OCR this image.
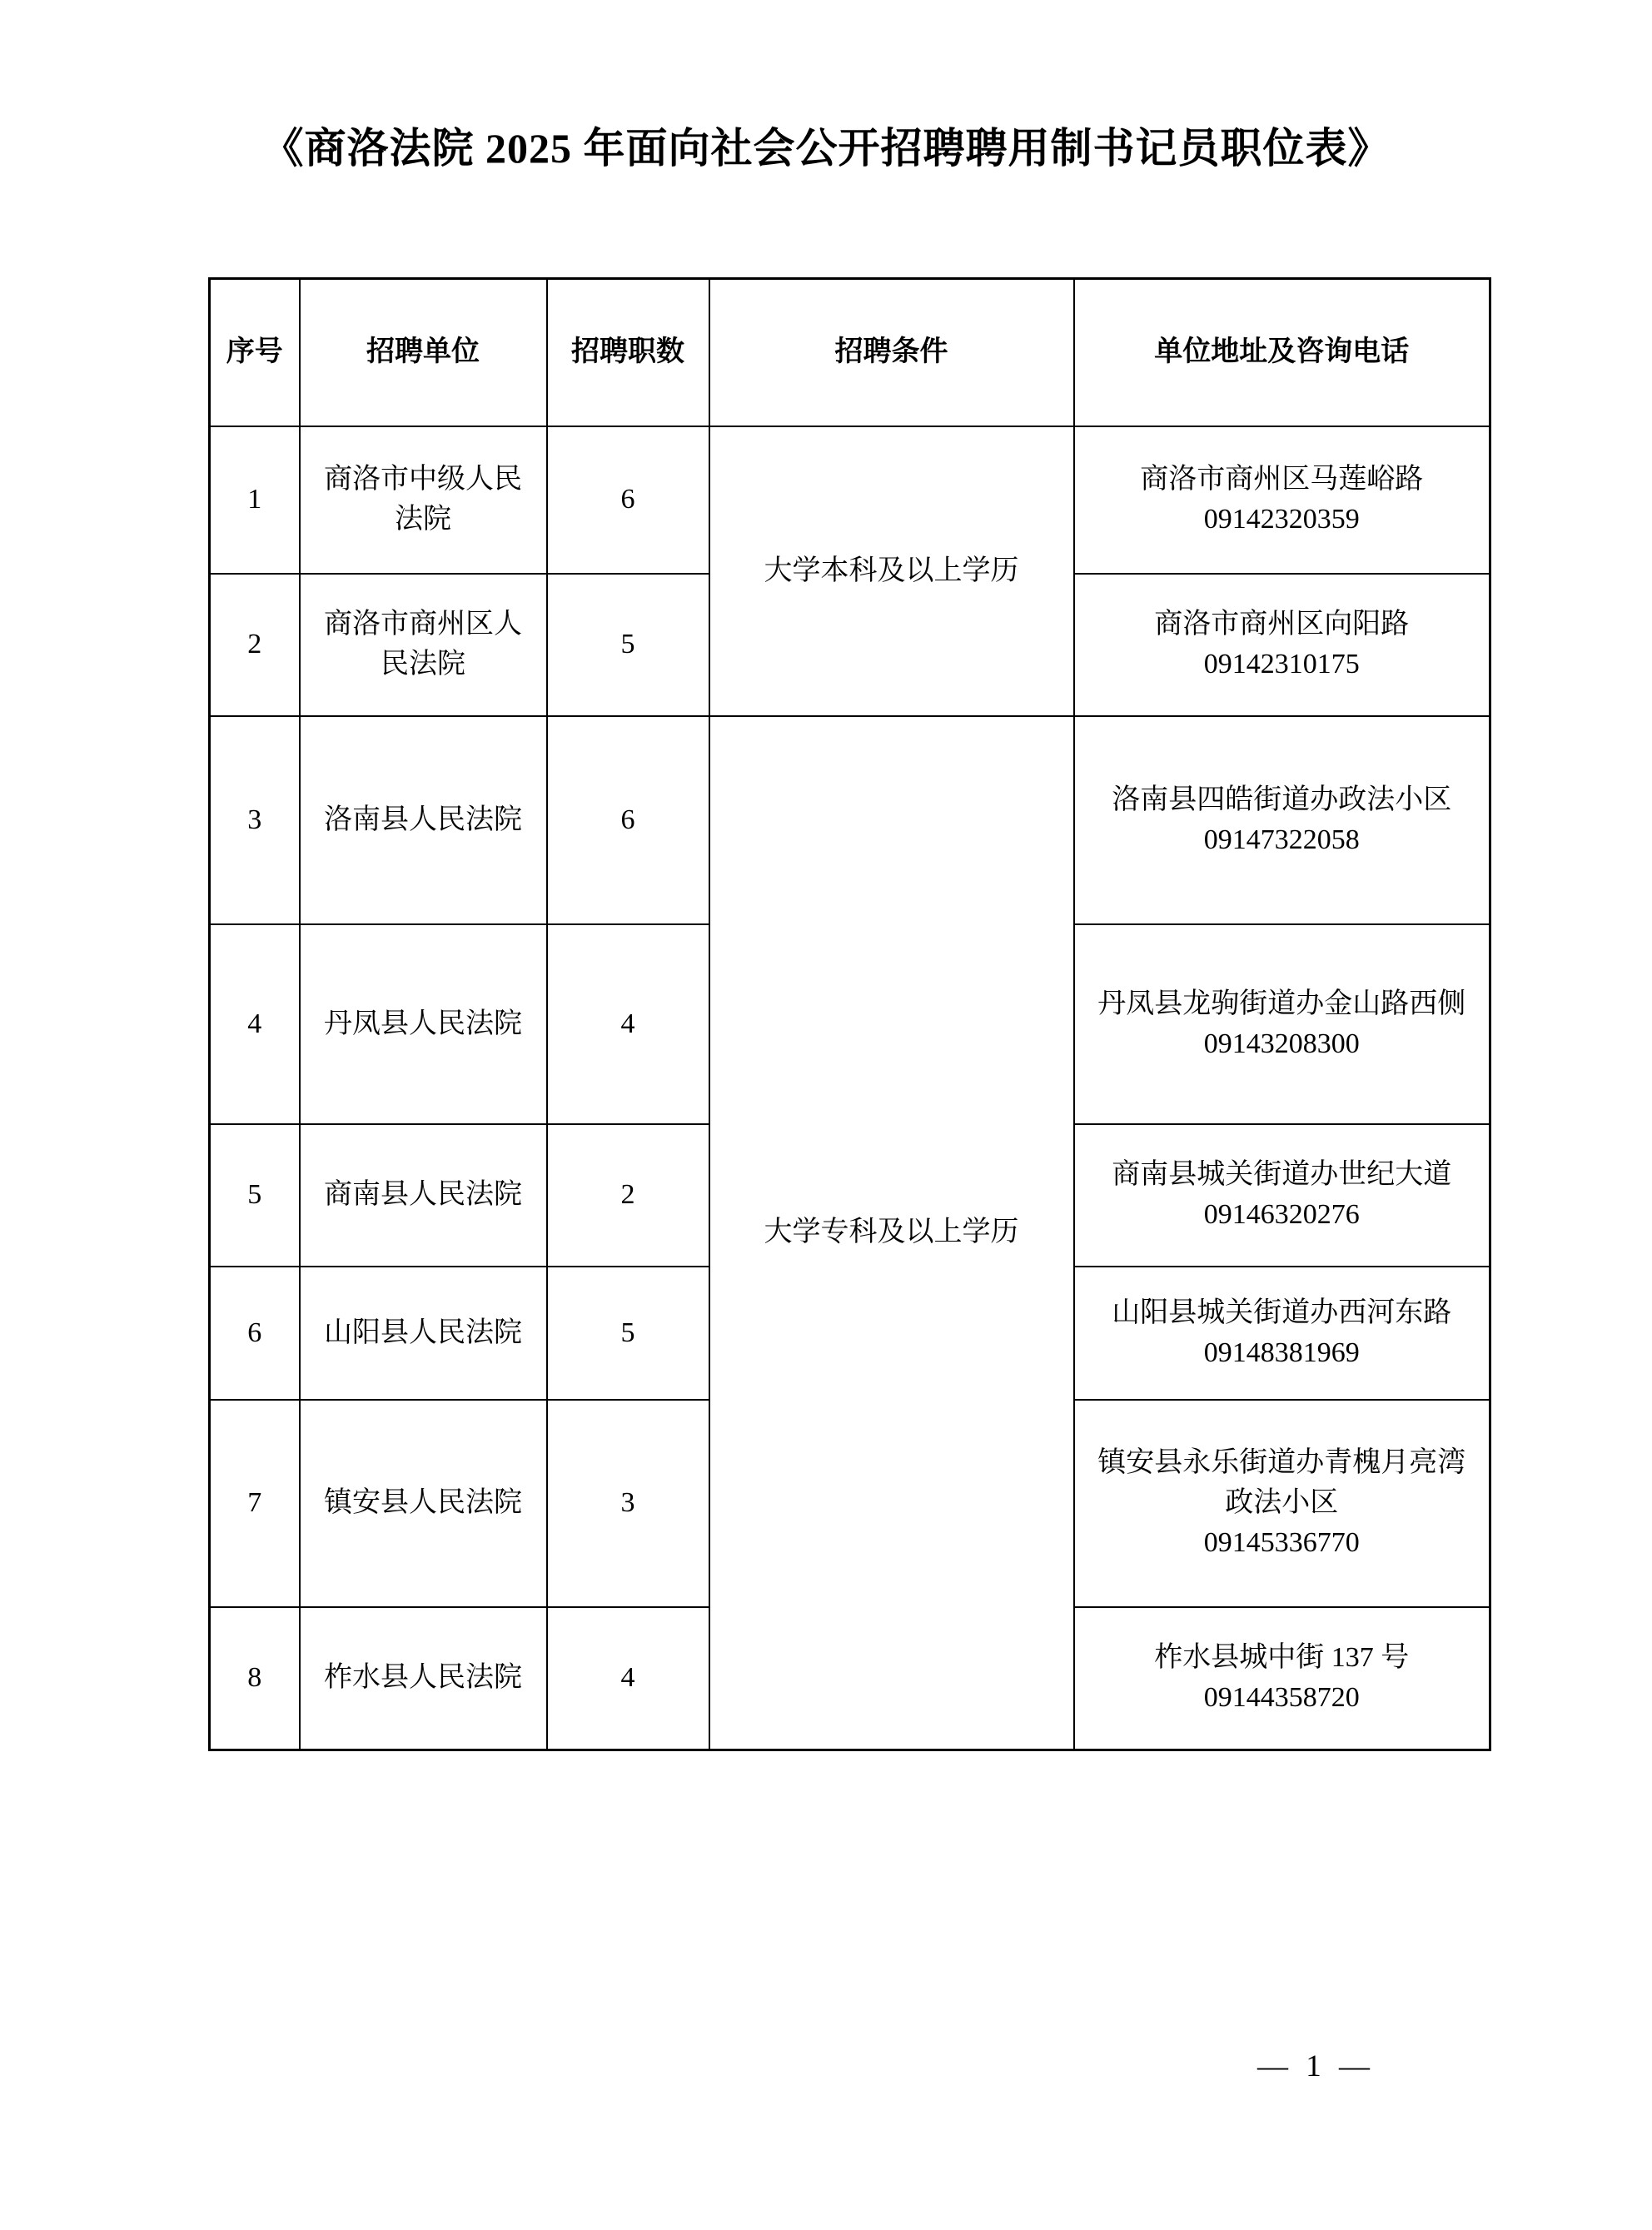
《商洛法院 2025 年面向社会公开招聘聘用制书记员职位表》
序号	招聘单位	招聘职数	招聘条件	单位地址及咨询电话
1	商洛市中级人民法院	6	大学本科及以上学历	商洛市商州区马莲峪路
09142320359

2	商洛市商州区人民法院	5		商洛市商州区向阳路
09142310175

3	洛南县人民法院	6	大学专科及以上学历	洛南县四皓街道办政法小区
09147322058

4	丹凤县人民法院	4		丹凤县龙驹街道办金山路西侧
09143208300

5	商南县人民法院	2		商南县城关街道办世纪大道
09146320276

6	山阳县人民法院	5		山阳县城关街道办西河东路
09148381969

7	镇安县人民法院	3		镇安县永乐街道办青槐月亮湾政法小区
09145336770

8	柞水县人民法院	4		柞水县城中街 137 号
09144358720
— 1 —
